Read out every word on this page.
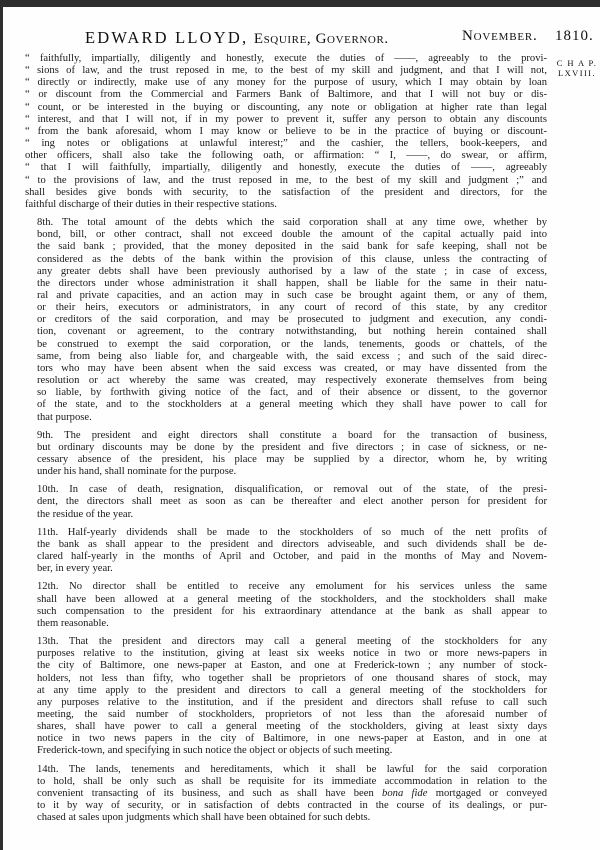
EDWARD LLOYD, Esquire, Governor.	November. 1810.
C H A P.
LXVIII.
“ faithfully, impartially, diligently and honestly, execute the duties of ——, agreeably to the provi-
“ sions of law, and the trust reposed in me, to the best of my skill and judgment, and that I will not,
“ directly or indirectly, make use of any money for the purpose of usury, which I may obtain by loan
“ or discount from the Commercial and Farmers Bank of Baltimore, and that I will not buy or dis-
“ count, or be interested in the buying or discounting, any note or obligation at higher rate than legal
“ interest, and that I will not, if in my power to prevent it, suffer any person to obtain any discounts
“ from the bank aforesaid, whom I may know or believe to be in the practice of buying or discount-
“ ing notes or obligations at unlawful interest;” and the cashier, the tellers, book-keepers, and
other officers, shall also take the following oath, or affirmation: “ I, ——, do swear, or affirm,
“ that I will faithfully, impartially, diligently and honestly, execute the duties of ——, agreeably
“ to the provisions of law, and the trust reposed in me, to the best of my skill and judgment ;” and
shall besides give bonds with security, to the satisfaction of the president and directors, for the
faithful discharge of their duties in their respective stations.
8th. The total amount of the debts which the said corporation shall at any time owe, whether by
bond, bill, or other contract, shall not exceed double the amount of the capital actually paid into
the said bank ; provided, that the money deposited in the said bank for safe keeping, shall not be
considered as the debts of the bank within the provision of this clause, unless the contracting of
any greater debts shall have been previously authorised by a law of the state ; in case of excess,
the directors under whose administration it shall happen, shall be liable for the same in their natu-
ral and private capacities, and an action may in such case be brought againt them, or any of them,
or their heirs, executors or administrators, in any court of record of this state, by any creditor
or creditors of the said corporation, and may be prosecuted to judgment and execution, any condi-
tion, covenant or agreement, to the contrary notwithstanding, but nothing herein contained shall
be construed to exempt the said corporation, or the lands, tenements, goods or chattels, of the
same, from being also liable for, and chargeable with, the said excess ; and such of the said direc-
tors who may have been absent when the said excess was created, or may have dissented from the
resolution or act whereby the same was created, may respectively exonerate themselves from being
so liable, by forthwith giving notice of the fact, and of their absence or dissent, to the governor
of the state, and to the stockholders at a general meeting which they shall have power to call for
that purpose.
9th. The president and eight directors shall constitute a board for the transaction of business,
but ordinary discounts may be done by the president and five directors ; in case of sickness, or ne-
cessary absence of the president, his place may be supplied by a director, whom he, by writing
under his hand, shall nominate for the purpose.
10th. In case of death, resignation, disqualification, or removal out of the state, of the presi-
dent, the directors shall meet as soon as can be thereafter and elect another person for president for
the residue of the year.
11th. Half-yearly dividends shall be made to the stockholders of so much of the nett profits of
the bank as shall appear to the president and directors adviseable, and such dividends shall be de-
clared half-yearly in the months of April and October, and paid in the months of May and Novem-
ber, in every year.
12th. No director shall be entitled to receive any emolument for his services unless the same
shall have been allowed at a general meeting of the stockholders, and the stockholders shall make
such compensation to the president for his extraordinary attendance at the bank as shall appear to
them reasonable.
13th. That the president and directors may call a general meeting of the stockholders for any
purposes relative to the institution, giving at least six weeks notice in two or more news-papers in
the city of Baltimore, one news-paper at Easton, and one at Frederick-town ; any number of stock-
holders, not less than fifty, who together shall be proprietors of one thousand shares of stock, may
at any time apply to the president and directors to call a general meeting of the stockholders for
any purposes relative to the institution, and if the president and directors shall refuse to call such
meeting, the said number of stockholders, proprietors of not less than the aforesaid number of
shares, shall have power to call a general meeting of the stockholders, giving at least sixty days
notice in two news papers in the city of Baltimore, in one news-paper at Easton, and in one at
Frederick-town, and specifying in such notice the object or objects of such meeting.
14th. The lands, tenements and hereditaments, which it shall be lawful for the said corporation
to hold, shall be only such as shall be requisite for its immediate accommodation in relation to the
convenient transacting of its business, and such as shall have been bona fide mortgaged or conveyed
to it by way of security, or in satisfaction of debts contracted in the course of its dealings, or pur-
chased at sales upon judgments which shall have been obtained for such debts.
